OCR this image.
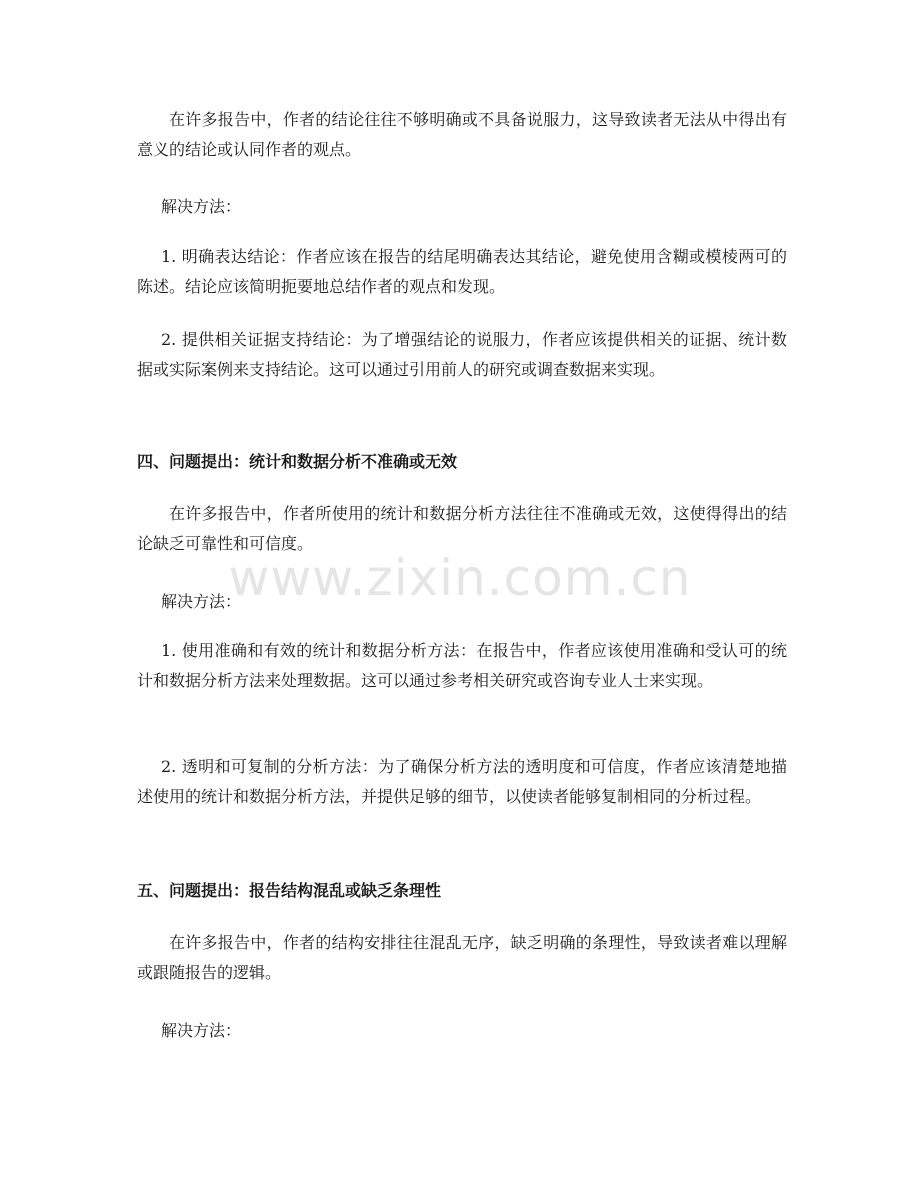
在许多报告中，作者的结论往往不够明确或不具备说服力，这导致读者无法从中得出有意义的结论或认同作者的观点。

解决方法：

1. 明确表达结论：作者应该在报告的结尾明确表达其结论，避免使用含糊或模棱两可的陈述。结论应该简明扼要地总结作者的观点和发现。

2. 提供相关证据支持结论：为了增强结论的说服力，作者应该提供相关的证据、统计数据或实际案例来支持结论。这可以通过引用前人的研究或调查数据来实现。

四、问题提出：统计和数据分析不准确或无效

在许多报告中，作者所使用的统计和数据分析方法往往不准确或无效，这使得得出的结论缺乏可靠性和可信度。

解决方法：

1. 使用准确和有效的统计和数据分析方法：在报告中，作者应该使用准确和受认可的统计和数据分析方法来处理数据。这可以通过参考相关研究或咨询专业人士来实现。

2. 透明和可复制的分析方法：为了确保分析方法的透明度和可信度，作者应该清楚地描述使用的统计和数据分析方法，并提供足够的细节，以使读者能够复制相同的分析过程。

五、问题提出：报告结构混乱或缺乏条理性

在许多报告中，作者的结构安排往往混乱无序，缺乏明确的条理性，导致读者难以理解或跟随报告的逻辑。

解决方法：

www.zixin.com.cn
